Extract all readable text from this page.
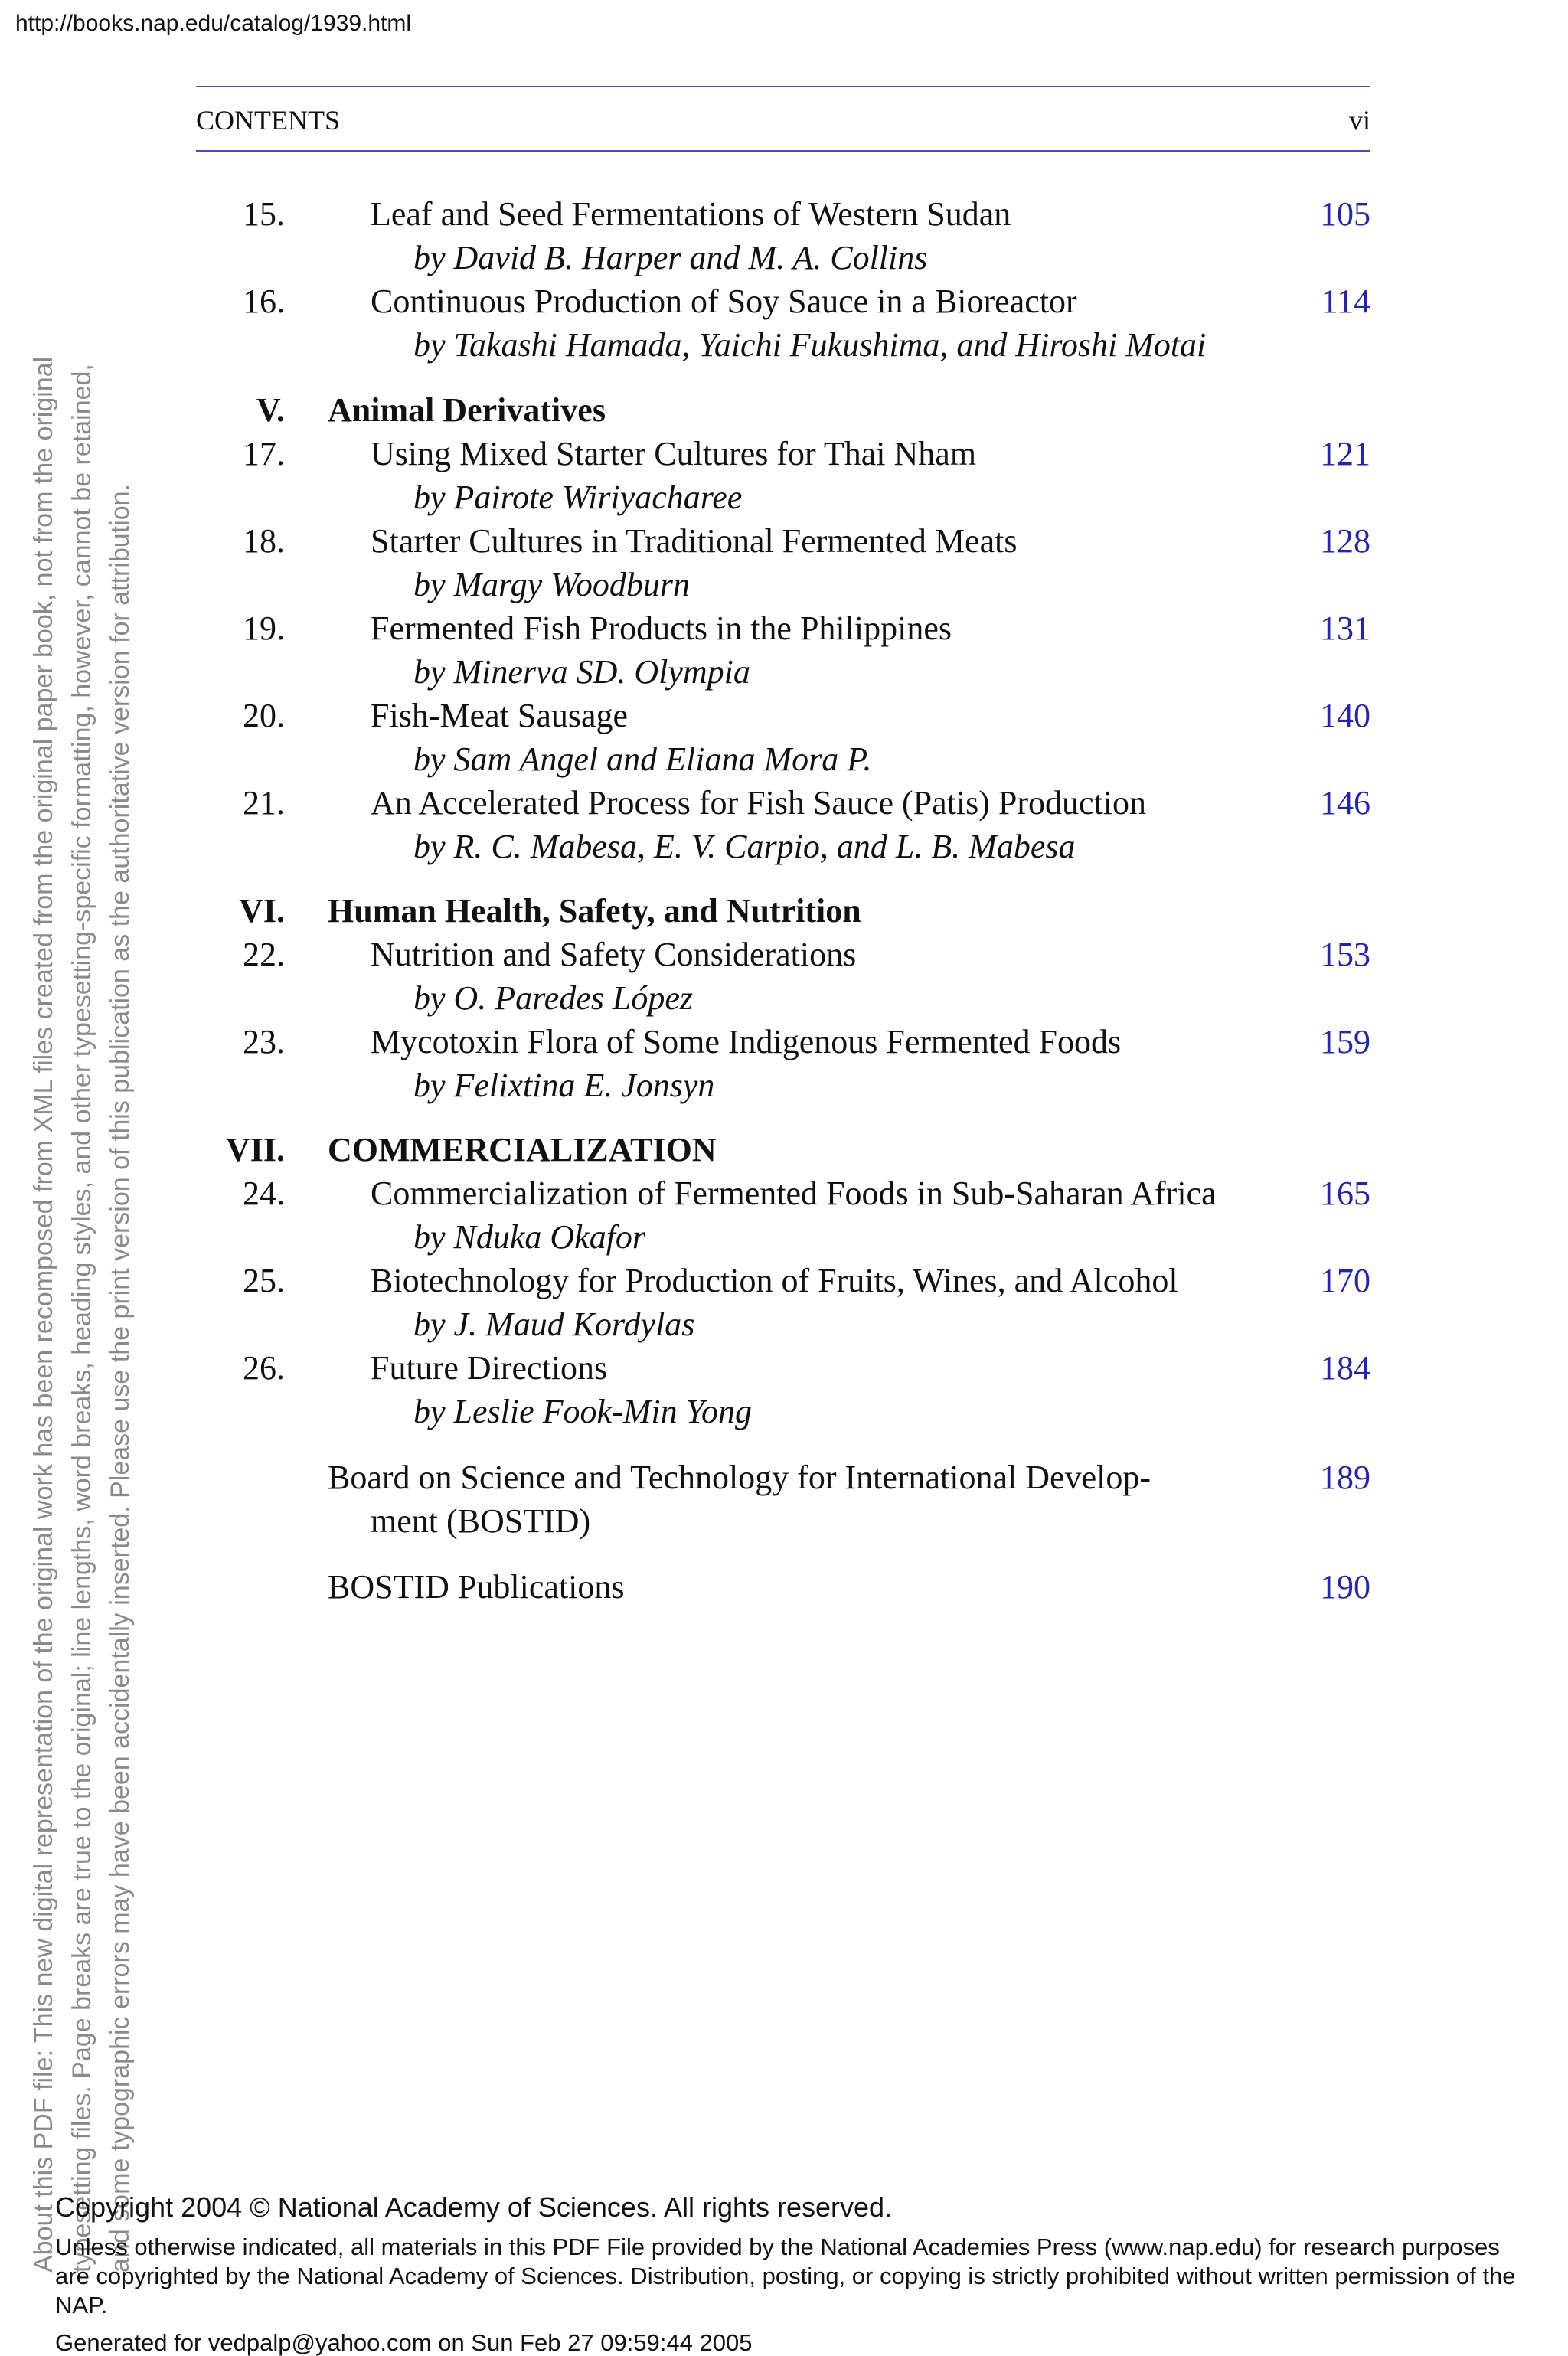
http://books.nap.edu/catalog/1939.html
CONTENTS	vi
About this PDF file: This new digital representation of the original work has been recomposed from XML files created from the original paper book, not from the original typesetting files. Page breaks are true to the original; line lengths, word breaks, heading styles, and other typesetting-specific formatting, however, cannot be retained, and some typographic errors may have been accidentally inserted. Please use the print version of this publication as the authoritative version for attribution.
15.	Leaf and Seed Fermentations of Western Sudan	105
by David B. Harper and M. A. Collins
16.	Continuous Production of Soy Sauce in a Bioreactor	114
by Takashi Hamada, Yaichi Fukushima, and Hiroshi Motai
V. Animal Derivatives
17.	Using Mixed Starter Cultures for Thai Nham	121
by Pairote Wiriyacharee
18.	Starter Cultures in Traditional Fermented Meats	128
by Margy Woodburn
19.	Fermented Fish Products in the Philippines	131
by Minerva SD. Olympia
20.	Fish-Meat Sausage	140
by Sam Angel and Eliana Mora P.
21.	An Accelerated Process for Fish Sauce (Patis) Production	146
by R. C. Mabesa, E. V. Carpio, and L. B. Mabesa
VI. Human Health, Safety, and Nutrition
22.	Nutrition and Safety Considerations	153
by O. Paredes López
23.	Mycotoxin Flora of Some Indigenous Fermented Foods	159
by Felixtina E. Jonsyn
VII. COMMERCIALIZATION
24.	Commercialization of Fermented Foods in Sub-Saharan Africa	165
by Nduka Okafor
25.	Biotechnology for Production of Fruits, Wines, and Alcohol	170
by J. Maud Kordylas
26.	Future Directions	184
by Leslie Fook-Min Yong
Board on Science and Technology for International Develop-	189
ment (BOSTID)
BOSTID Publications	190
Copyright 2004 © National Academy of Sciences. All rights reserved.
Unless otherwise indicated, all materials in this PDF File provided by the National Academies Press (www.nap.edu) for research purposes are copyrighted by the National Academy of Sciences. Distribution, posting, or copying is strictly prohibited without written permission of the NAP.
Generated for vedpalp@yahoo.com on Sun Feb 27 09:59:44 2005
